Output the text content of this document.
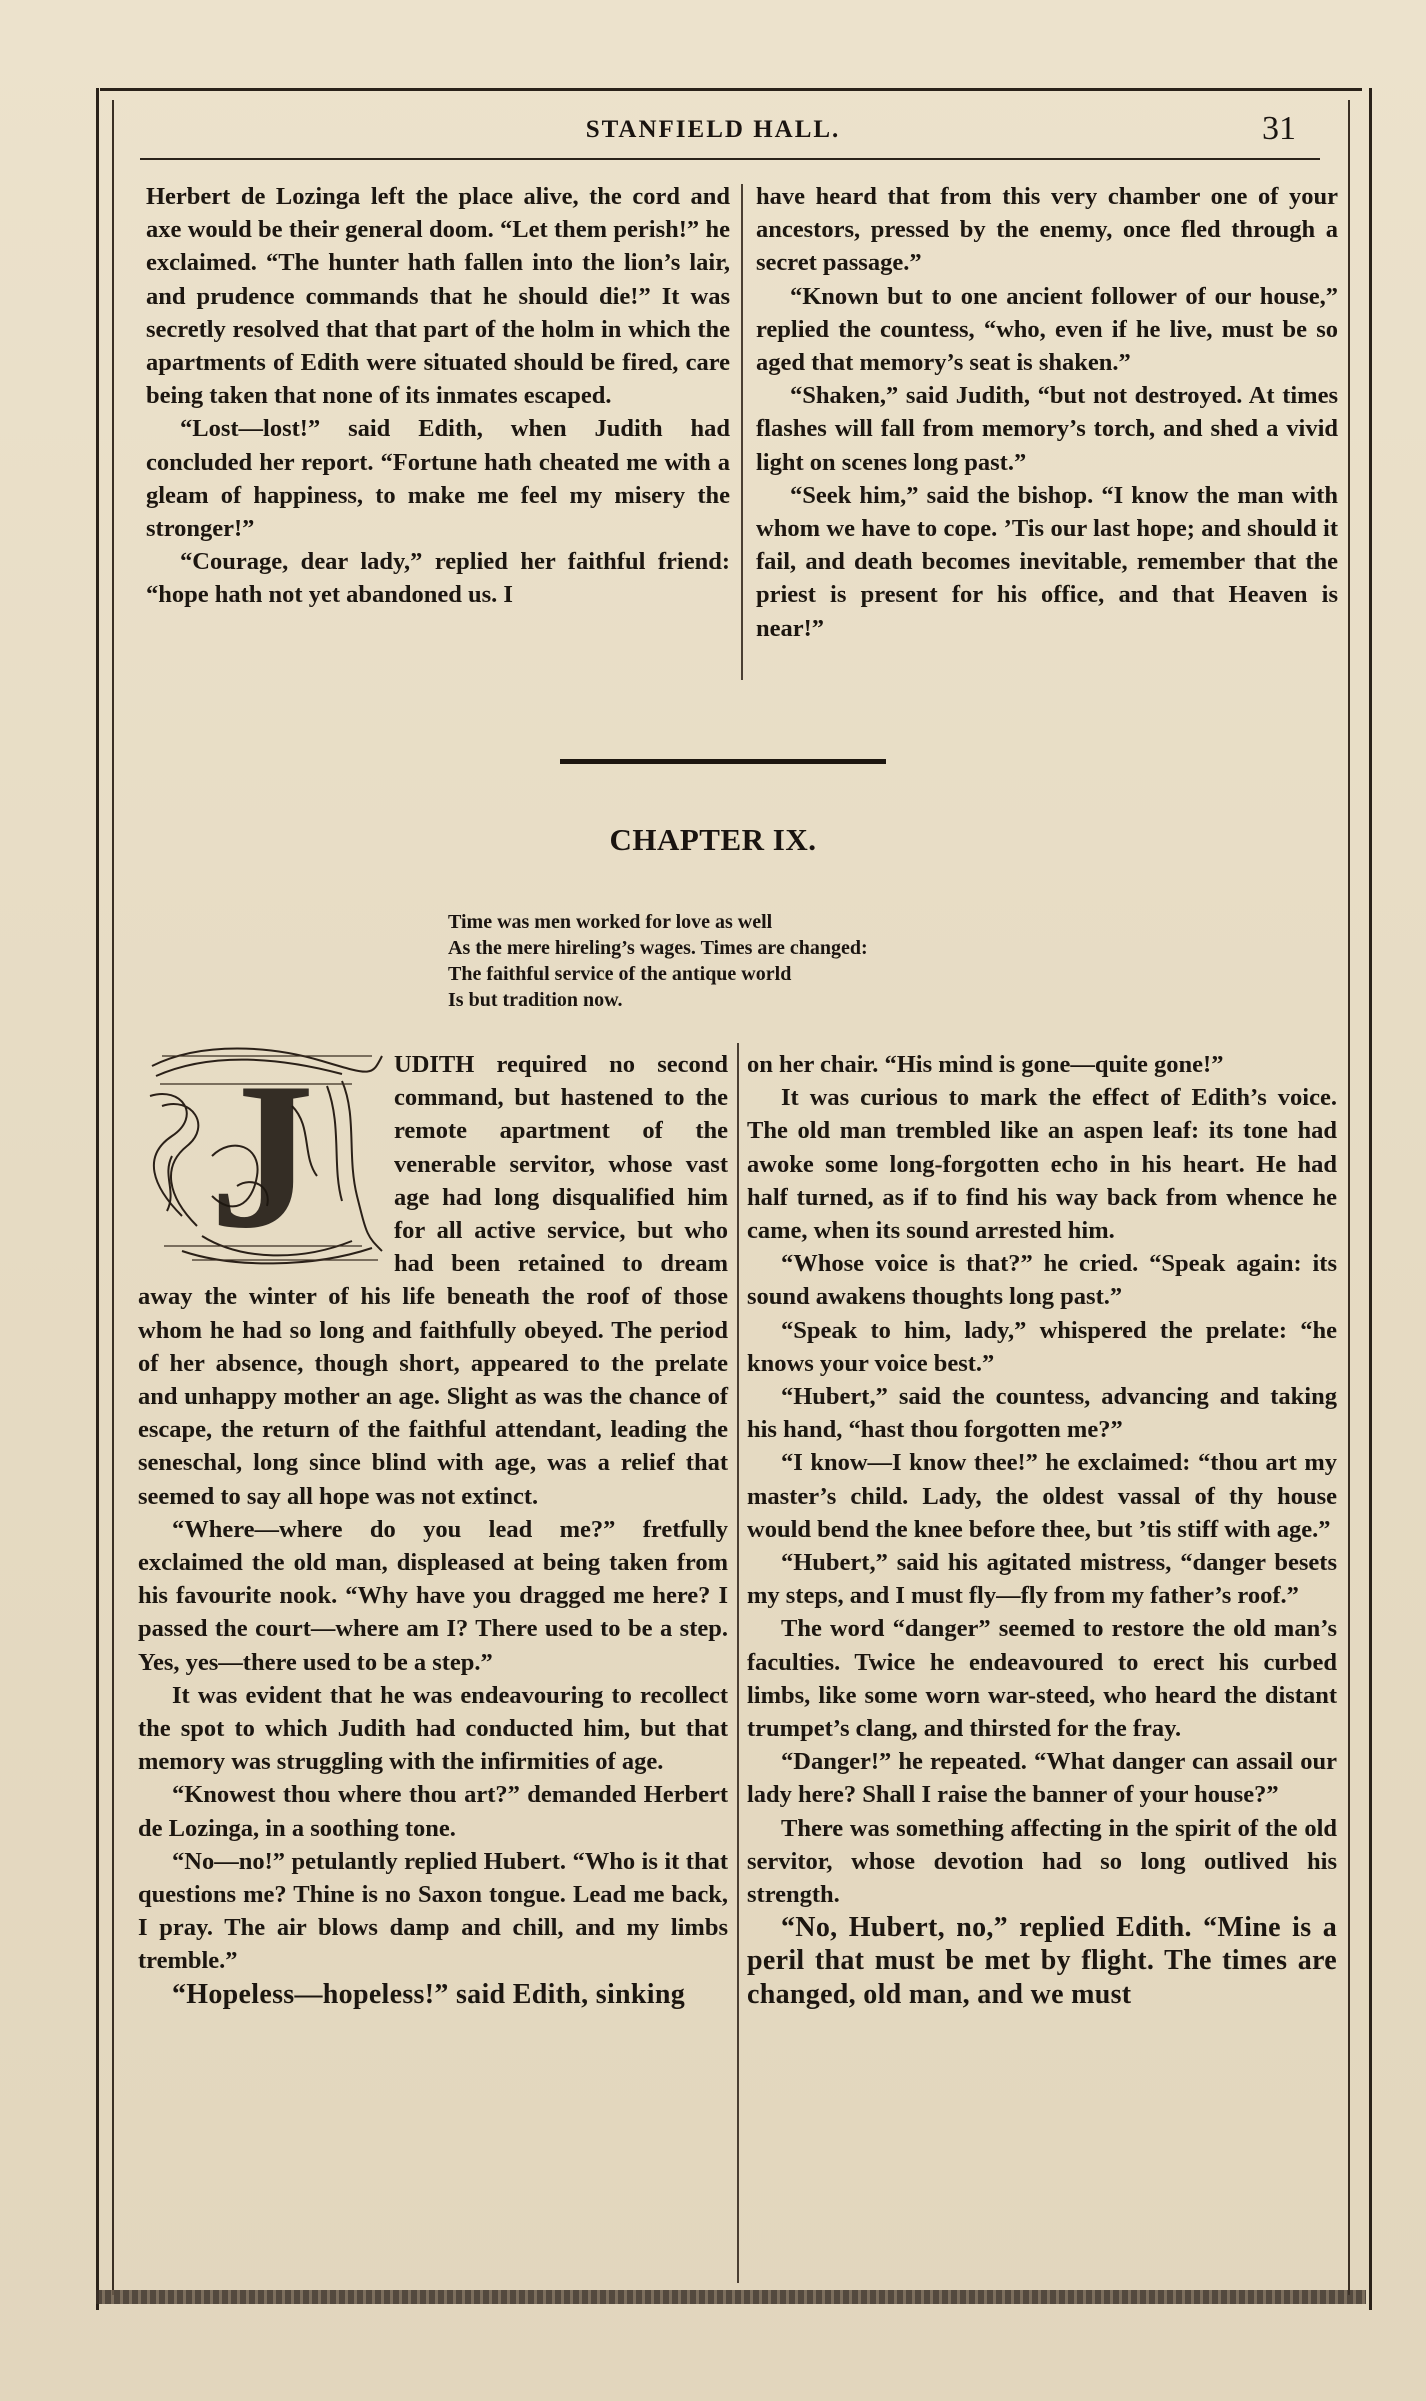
STANFIELD HALL.	31

Herbert de Lozinga left the place alive, the cord and axe would be their general doom. “Let them perish!” he exclaimed. “The hunter hath fallen into the lion’s lair, and prudence commands that he should die!” It was secretly resolved that that part of the holm in which the apartments of Edith were situated should be fired, care being taken that none of its inmates escaped.

“Lost—lost!” said Edith, when Judith had concluded her report. “Fortune hath cheated me with a gleam of happiness, to make me feel my misery the stronger!”

“Courage, dear lady,” replied her faithful friend: “hope hath not yet abandoned us. I

have heard that from this very chamber one of your ancestors, pressed by the enemy, once fled through a secret passage.”

“Known but to one ancient follower of our house,” replied the countess, “who, even if he live, must be so aged that memory’s seat is shaken.”

“Shaken,” said Judith, “but not destroyed. At times flashes will fall from memory’s torch, and shed a vivid light on scenes long past.”

“Seek him,” said the bishop. “I know the man with whom we have to cope. ’Tis our last hope; and should it fail, and death becomes inevitable, remember that the priest is present for his office, and that Heaven is near!”

CHAPTER IX.
Time was men worked for love as well
As the mere hireling’s wages. Times are changed:
The faithful service of the antique world
Is but tradition now.
J	UDITH required no second command, but hastened to the remote apartment of the venerable servitor, whose vast age had long disqualified him for all active service, but who had been retained to dream away the winter of his life beneath the roof of those whom he had so long and faithfully obeyed. The period of her absence, though short, appeared to the prelate and unhappy mother an age. Slight as was the chance of escape, the return of the faithful attendant, leading the seneschal, long since blind with age, was a relief that seemed to say all hope was not extinct.

“Where—where do you lead me?” fretfully exclaimed the old man, displeased at being taken from his favourite nook. “Why have you dragged me here? I passed the court—where am I? There used to be a step. Yes, yes—there used to be a step.”

It was evident that he was endeavouring to recollect the spot to which Judith had conducted him, but that memory was struggling with the infirmities of age.

“Knowest thou where thou art?” demanded Herbert de Lozinga, in a soothing tone.

“No—no!” petulantly replied Hubert. “Who is it that questions me? Thine is no Saxon tongue. Lead me back, I pray. The air blows damp and chill, and my limbs tremble.”

“Hopeless—hopeless!” said Edith, sinking

on her chair. “His mind is gone—quite gone!”

It was curious to mark the effect of Edith’s voice. The old man trembled like an aspen leaf: its tone had awoke some long-forgotten echo in his heart. He had half turned, as if to find his way back from whence he came, when its sound arrested him.

“Whose voice is that?” he cried. “Speak again: its sound awakens thoughts long past.”

“Speak to him, lady,” whispered the prelate: “he knows your voice best.”

“Hubert,” said the countess, advancing and taking his hand, “hast thou forgotten me?”

“I know—I know thee!” he exclaimed: “thou art my master’s child. Lady, the oldest vassal of thy house would bend the knee before thee, but ’tis stiff with age.”

“Hubert,” said his agitated mistress, “danger besets my steps, and I must fly—fly from my father’s roof.”

The word “danger” seemed to restore the old man’s faculties. Twice he endeavoured to erect his curbed limbs, like some worn war-steed, who heard the distant trumpet’s clang, and thirsted for the fray.

“Danger!” he repeated. “What danger can assail our lady here? Shall I raise the banner of your house?”

There was something affecting in the spirit of the old servitor, whose devotion had so long outlived his strength.

“No, Hubert, no,” replied Edith. “Mine is a peril that must be met by flight. The times are changed, old man, and we must
